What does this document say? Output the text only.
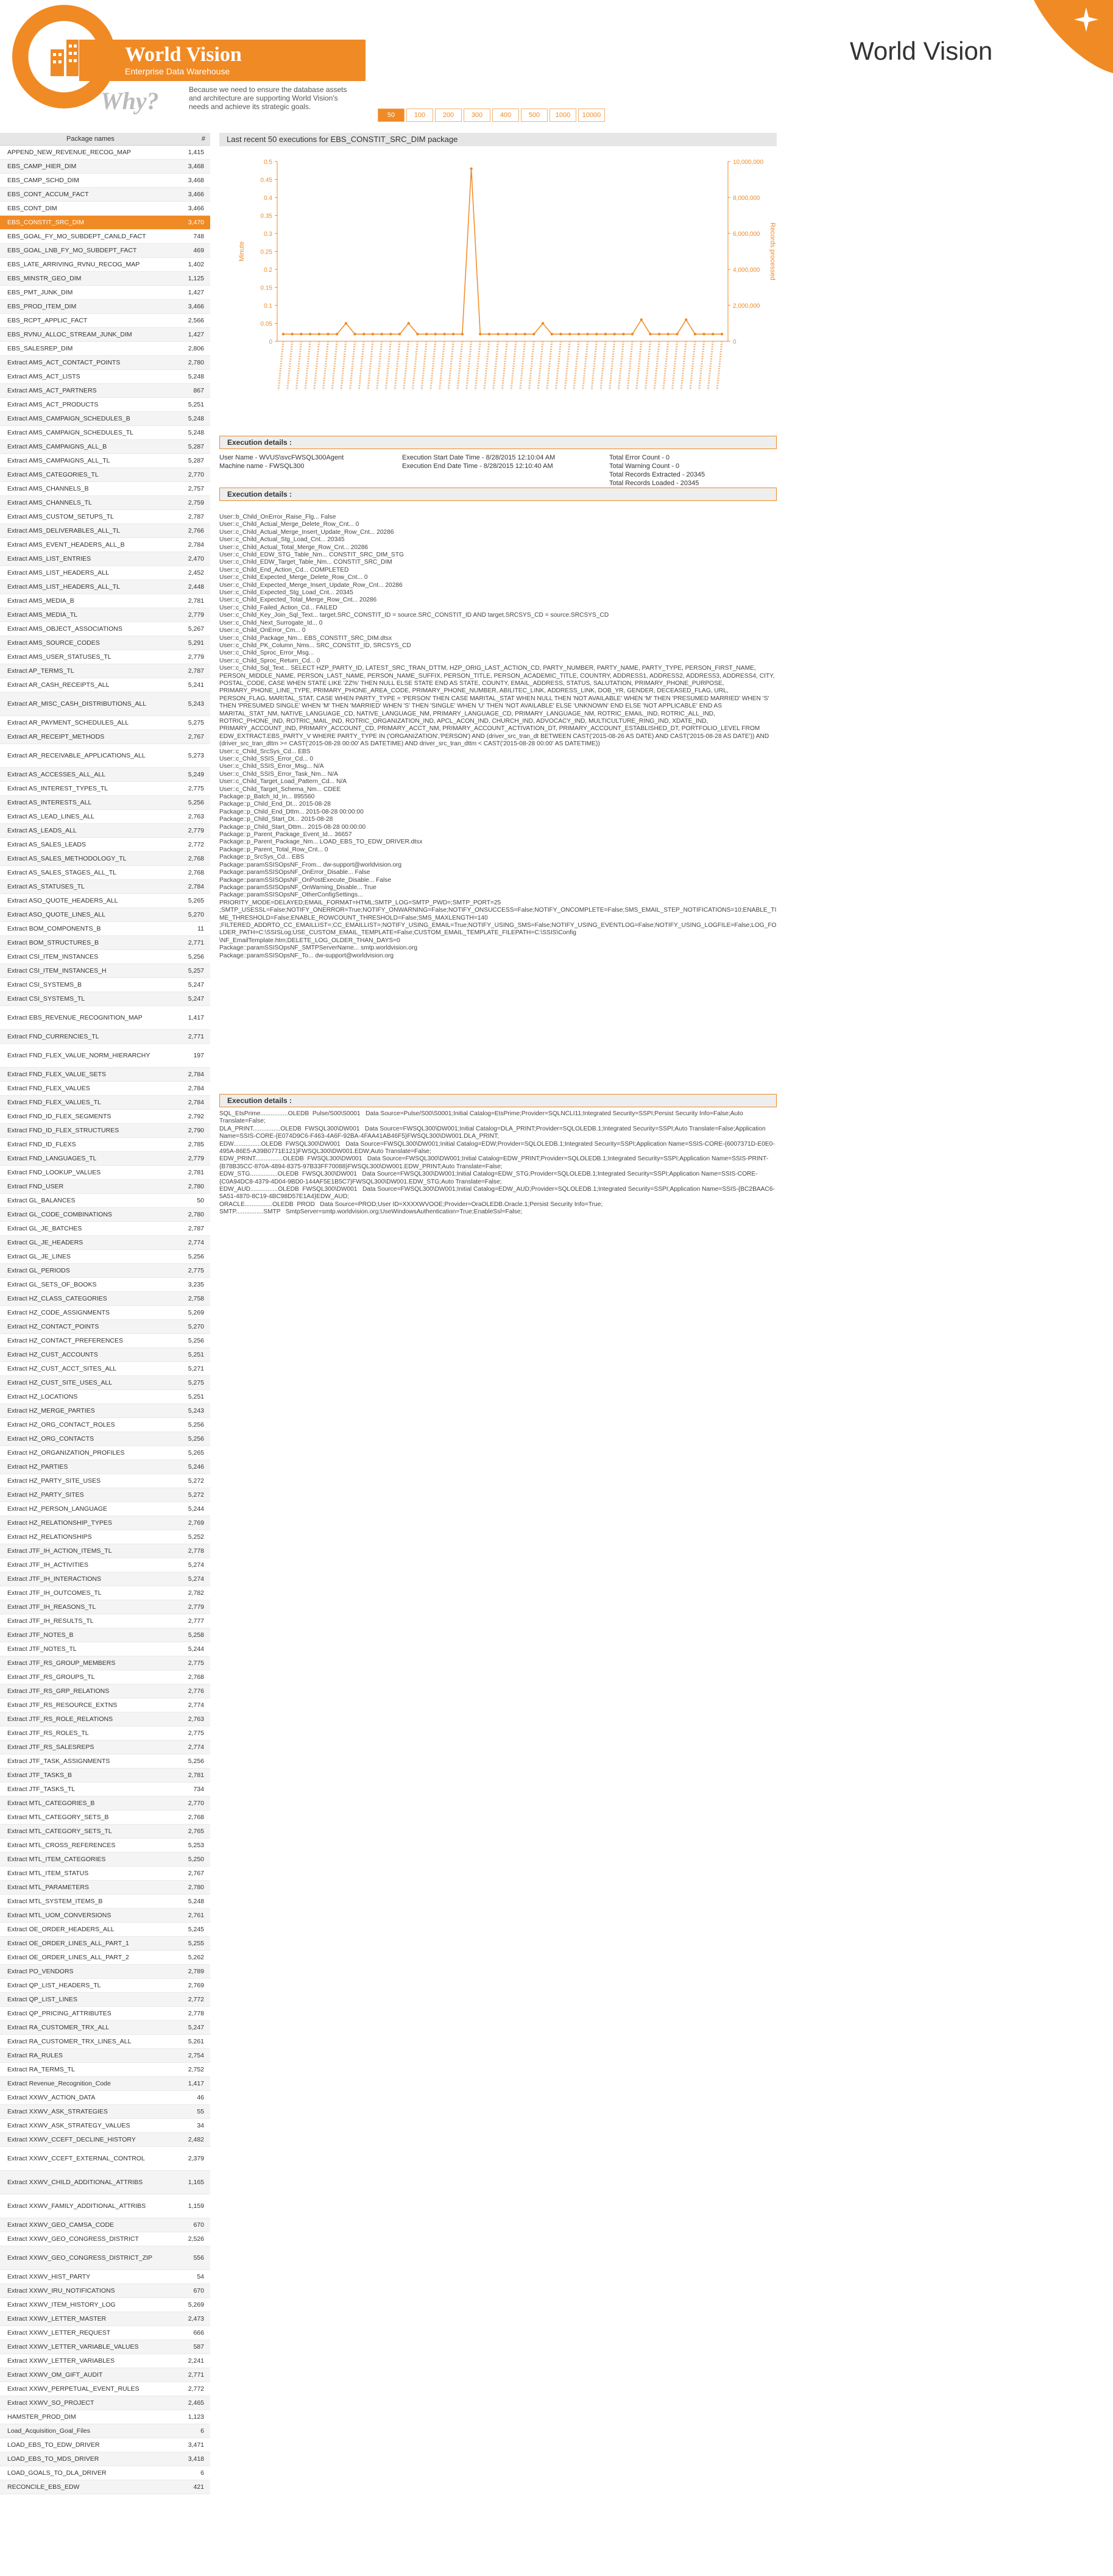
World Vision
Enterprise Data Warehouse
Why?	Because we need to ensure the database assets and architecture are supporting World Vision's needs and achieve its strategic goals.
World Vision
Package names	#
APPEND_NEW_REVENUE_RECOG_MAP	1,415
EBS_CAMP_HIER_DIM	3,468
EBS_CAMP_SCHD_DIM	3,468
EBS_CONT_ACCUM_FACT	3,466
EBS_CONT_DIM	3,466
EBS_CONSTIT_SRC_DIM	3,470
EBS_GOAL_FY_MO_SUBDEPT_CANLD_FACT	748
EBS_GOAL_LNB_FY_MO_SUBDEPT_FACT	469
EBS_LATE_ARRIVING_RVNU_RECOG_MAP	1,402
EBS_MINSTR_GEO_DIM	1,125
EBS_PMT_JUNK_DIM	1,427
EBS_PROD_ITEM_DIM	3,466
EBS_RCPT_APPLIC_FACT	2,566
EBS_RVNU_ALLOC_STREAM_JUNK_DIM	1,427
EBS_SALESREP_DIM	2,806
Extract AMS_ACT_CONTACT_POINTS	2,780
Extract AMS_ACT_LISTS	5,248
Extract AMS_ACT_PARTNERS	867
Extract AMS_ACT_PRODUCTS	5,251
Extract AMS_CAMPAIGN_SCHEDULES_B	5,248
Extract AMS_CAMPAIGN_SCHEDULES_TL	5,248
Extract AMS_CAMPAIGNS_ALL_B	5,287
Extract AMS_CAMPAIGNS_ALL_TL	5,287
Extract AMS_CATEGORIES_TL	2,770
Extract AMS_CHANNELS_B	2,757
Extract AMS_CHANNELS_TL	2,759
Extract AMS_CUSTOM_SETUPS_TL	2,787
Extract AMS_DELIVERABLES_ALL_TL	2,766
Extract AMS_EVENT_HEADERS_ALL_B	2,784
Extract AMS_LIST_ENTRIES	2,470
Extract AMS_LIST_HEADERS_ALL	2,452
Extract AMS_LIST_HEADERS_ALL_TL	2,448
Extract AMS_MEDIA_B	2,781
Extract AMS_MEDIA_TL	2,779
Extract AMS_OBJECT_ASSOCIATIONS	5,267
Extract AMS_SOURCE_CODES	5,291
Extract AMS_USER_STATUSES_TL	2,779
Extract AP_TERMS_TL	2,787
Extract AR_CASH_RECEIPTS_ALL	5,241
Extract AR_MISC_CASH_DISTRIBUTIONS_ALL	5,243
Extract AR_PAYMENT_SCHEDULES_ALL	5,275
Extract AR_RECEIPT_METHODS	2,767
Extract AR_RECEIVABLE_APPLICATIONS_ALL	5,273
Extract AS_ACCESSES_ALL_ALL	5,249
Extract AS_INTEREST_TYPES_TL	2,775
Extract AS_INTERESTS_ALL	5,256
Extract AS_LEAD_LINES_ALL	2,763
Extract AS_LEADS_ALL	2,779
Extract AS_SALES_LEADS	2,772
Extract AS_SALES_METHODOLOGY_TL	2,768
Extract AS_SALES_STAGES_ALL_TL	2,768
Extract AS_STATUSES_TL	2,784
Extract ASO_QUOTE_HEADERS_ALL	5,265
Extract ASO_QUOTE_LINES_ALL	5,270
Extract BOM_COMPONENTS_B	11
Extract BOM_STRUCTURES_B	2,771
Extract CSI_ITEM_INSTANCES	5,256
Extract CSI_ITEM_INSTANCES_H	5,257
Extract CSI_SYSTEMS_B	5,247
Extract CSI_SYSTEMS_TL	5,247
Extract EBS_REVENUE_RECOGNITION_MAP	1,417
Extract FND_CURRENCIES_TL	2,771
Extract FND_FLEX_VALUE_NORM_HIERARCHY	197
Extract FND_FLEX_VALUE_SETS	2,784
Extract FND_FLEX_VALUES	2,784
Extract FND_FLEX_VALUES_TL	2,784
Extract FND_ID_FLEX_SEGMENTS	2,792
Extract FND_ID_FLEX_STRUCTURES	2,790
Extract FND_ID_FLEXS	2,785
Extract FND_LANGUAGES_TL	2,779
Extract FND_LOOKUP_VALUES	2,781
Extract FND_USER	2,780
Extract GL_BALANCES	50
Extract GL_CODE_COMBINATIONS	2,780
Extract GL_JE_BATCHES	2,787
Extract GL_JE_HEADERS	2,774
Extract GL_JE_LINES	5,256
Extract GL_PERIODS	2,775
Extract GL_SETS_OF_BOOKS	3,235
Extract HZ_CLASS_CATEGORIES	2,758
Extract HZ_CODE_ASSIGNMENTS	5,269
Extract HZ_CONTACT_POINTS	5,270
Extract HZ_CONTACT_PREFERENCES	5,256
Extract HZ_CUST_ACCOUNTS	5,251
Extract HZ_CUST_ACCT_SITES_ALL	5,271
Extract HZ_CUST_SITE_USES_ALL	5,275
Extract HZ_LOCATIONS	5,251
Extract HZ_MERGE_PARTIES	5,243
Extract HZ_ORG_CONTACT_ROLES	5,256
Extract HZ_ORG_CONTACTS	5,256
Extract HZ_ORGANIZATION_PROFILES	5,265
Extract HZ_PARTIES	5,246
Extract HZ_PARTY_SITE_USES	5,272
Extract HZ_PARTY_SITES	5,272
Extract HZ_PERSON_LANGUAGE	5,244
Extract HZ_RELATIONSHIP_TYPES	2,769
Extract HZ_RELATIONSHIPS	5,252
Extract JTF_IH_ACTION_ITEMS_TL	2,778
Extract JTF_IH_ACTIVITIES	5,274
Extract JTF_IH_INTERACTIONS	5,274
Extract JTF_IH_OUTCOMES_TL	2,782
Extract JTF_IH_REASONS_TL	2,779
Extract JTF_IH_RESULTS_TL	2,777
Extract JTF_NOTES_B	5,258
Extract JTF_NOTES_TL	5,244
Extract JTF_RS_GROUP_MEMBERS	2,775
Extract JTF_RS_GROUPS_TL	2,768
Extract JTF_RS_GRP_RELATIONS	2,776
Extract JTF_RS_RESOURCE_EXTNS	2,774
Extract JTF_RS_ROLE_RELATIONS	2,763
Extract JTF_RS_ROLES_TL	2,775
Extract JTF_RS_SALESREPS	2,774
Extract JTF_TASK_ASSIGNMENTS	5,256
Extract JTF_TASKS_B	2,781
Extract JTF_TASKS_TL	734
Extract MTL_CATEGORIES_B	2,770
Extract MTL_CATEGORY_SETS_B	2,768
Extract MTL_CATEGORY_SETS_TL	2,765
Extract MTL_CROSS_REFERENCES	5,253
Extract MTL_ITEM_CATEGORIES	5,250
Extract MTL_ITEM_STATUS	2,767
Extract MTL_PARAMETERS	2,780
Extract MTL_SYSTEM_ITEMS_B	5,248
Extract MTL_UOM_CONVERSIONS	2,761
Extract OE_ORDER_HEADERS_ALL	5,245
Extract OE_ORDER_LINES_ALL_PART_1	5,255
Extract OE_ORDER_LINES_ALL_PART_2	5,262
Extract PO_VENDORS	2,789
Extract QP_LIST_HEADERS_TL	2,769
Extract QP_LIST_LINES	2,772
Extract QP_PRICING_ATTRIBUTES	2,778
Extract RA_CUSTOMER_TRX_ALL	5,247
Extract RA_CUSTOMER_TRX_LINES_ALL	5,261
Extract RA_RULES	2,754
Extract RA_TERMS_TL	2,752
Extract Revenue_Recognition_Code	1,417
Extract XXWV_ACTION_DATA	46
Extract XXWV_ASK_STRATEGIES	55
Extract XXWV_ASK_STRATEGY_VALUES	34
Extract XXWV_CCEFT_DECLINE_HISTORY	2,482
Extract XXWV_CCEFT_EXTERNAL_CONTROL	2,379
Extract XXWV_CHILD_ADDITIONAL_ATTRIBS	1,165
Extract XXWV_FAMILY_ADDITIONAL_ATTRIBS	1,159
Extract XXWV_GEO_CAMSA_CODE	670
Extract XXWV_GEO_CONGRESS_DISTRICT	2,526
Extract XXWV_GEO_CONGRESS_DISTRICT_ZIP	556
Extract XXWV_HIST_PARTY	54
Extract XXWV_IRU_NOTIFICATIONS	670
Extract XXWV_ITEM_HISTORY_LOG	5,269
Extract XXWV_LETTER_MASTER	2,473
Extract XXWV_LETTER_REQUEST	666
Extract XXWV_LETTER_VARIABLE_VALUES	587
Extract XXWV_LETTER_VARIABLES	2,241
Extract XXWV_OM_GIFT_AUDIT	2,771
Extract XXWV_PERPETUAL_EVENT_RULES	2,772
Extract XXWV_SO_PROJECT	2,465
HAMSTER_PROD_DIM	1,123
Load_Acquisition_Goal_Files	6
LOAD_EBS_TO_EDW_DRIVER	3,471
LOAD_EBS_TO_MDS_DRIVER	3,418
LOAD_GOALS_TO_DLA_DRIVER	6
RECONCILE_EBS_EDW	421
50	100	200	300	400	500	1000	10000
Last recent 50 executions for EBS_CONSTIT_SRC_DIM package
0
0.05
0.1
0.15
0.2
0.25
0.3
0.35
0.4
0.45
0.5
0
2,000,000
4,000,000
6,000,000
8,000,000
10,000,000
Minute	Records processed
Execution details :
User Name - WVUS\svcFWSQL300Agent
Machine name - FWSQL300
Execution Start Date Time - 8/28/2015 12:10:04 AM
Execution End Date Time - 8/28/2015 12:10:40 AM
Total Error Count - 0
Total Warning Count - 0
Total Records Extracted - 20345
Total Records Loaded - 20345
Execution details :
User::b_Child_OnError_Raise_Flg... False
User::c_Child_Actual_Merge_Delete_Row_Cnt... 0
User::c_Child_Actual_Merge_Insert_Update_Row_Cnt... 20286
User::c_Child_Actual_Stg_Load_Cnt... 20345
User::c_Child_Actual_Total_Merge_Row_Cnt... 20286
User::c_Child_EDW_STG_Table_Nm... CONSTIT_SRC_DIM_STG
User::c_Child_EDW_Target_Table_Nm... CONSTIT_SRC_DIM
User::c_Child_End_Action_Cd... COMPLETED
User::c_Child_Expected_Merge_Delete_Row_Cnt... 0
User::c_Child_Expected_Merge_Insert_Update_Row_Cnt... 20286
User::c_Child_Expected_Stg_Load_Cnt... 20345
User::c_Child_Expected_Total_Merge_Row_Cnt... 20286
User::c_Child_Failed_Action_Cd... FAILED
User::c_Child_Key_Join_Sql_Text... target.SRC_CONSTIT_ID = source.SRC_CONSTIT_ID AND target.SRCSYS_CD = source.SRCSYS_CD
User::c_Child_Next_Surrogate_Id... 0
User::c_Child_OnError_Cm... 0
User::c_Child_Package_Nm... EBS_CONSTIT_SRC_DIM.dtsx
User::c_Child_PK_Column_Nms... SRC_CONSTIT_ID, SRCSYS_CD
User::c_Child_Sproc_Error_Msg...
User::c_Child_Sproc_Return_Cd... 0
User::c_Child_Sql_Text... SELECT HZP_PARTY_ID, LATEST_SRC_TRAN_DTTM, HZP_ORIG_LAST_ACTION_CD, PARTY_NUMBER, PARTY_NAME, PARTY_TYPE, PERSON_FIRST_NAME, PERSON_MIDDLE_NAME, PERSON_LAST_NAME, PERSON_NAME_SUFFIX, PERSON_TITLE, PERSON_ACADEMIC_TITLE, COUNTRY, ADDRESS1, ADDRESS2, ADDRESS3, ADDRESS4, CITY, POSTAL_CODE, CASE WHEN STATE LIKE 'ZZ%' THEN NULL ELSE STATE END AS STATE, COUNTY, EMAIL_ADDRESS, STATUS, SALUTATION, PRIMARY_PHONE_PURPOSE, PRIMARY_PHONE_LINE_TYPE, PRIMARY_PHONE_AREA_CODE, PRIMARY_PHONE_NUMBER, ABILITEC_LINK, ADDRESS_LINK, DOB_YR, GENDER, DECEASED_FLAG, URL, PERSON_FLAG, MARITAL_STAT, CASE WHEN PARTY_TYPE = 'PERSON' THEN CASE MARITAL_STAT WHEN NULL THEN 'NOT AVAILABLE' WHEN 'M' THEN 'PRESUMED MARRIED' WHEN 'S' THEN 'PRESUMED SINGLE' WHEN 'M' THEN 'MARRIED' WHEN 'S' THEN 'SINGLE' WHEN 'U' THEN 'NOT AVAILABLE' ELSE 'UNKNOWN' END ELSE 'NOT APPLICABLE' END AS MARITAL_STAT_NM, NATIVE_LANGUAGE_CD, NATIVE_LANGUAGE_NM, PRIMARY_LANGUAGE_CD, PRIMARY_LANGUAGE_NM, ROTRIC_EMAIL_IND, ROTRIC_ALL_IND, ROTRIC_PHONE_IND, ROTRIC_MAIL_IND, ROTRIC_ORGANIZATION_IND, APCL_ACON_IND, CHURCH_IND, ADVOCACY_IND, MULTICULTURE_RING_IND, XDATE_IND, PRIMARY_ACCOUNT_IND, PRIMARY_ACCOUNT_CD, PRIMARY_ACCT_NM, PRIMARY_ACCOUNT_ACTIVATION_DT, PRIMARY_ACCOUNT_ESTABLISHED_DT, PORTFOLIO_LEVEL FROM EDW_EXTRACT.EBS_PARTY_V WHERE PARTY_TYPE IN ('ORGANIZATION','PERSON') AND (driver_src_tran_dt BETWEEN CAST('2015-08-26 AS DATE) AND CAST('2015-08-28 AS DATE')) AND (driver_src_tran_dttm >= CAST('2015-08-28 00:00' AS DATETIME) AND driver_src_tran_dttm < CAST('2015-08-28 00:00' AS DATETIME))
User::c_Child_SrcSys_Cd... EBS
User::c_Child_SSIS_Error_Cd... 0
User::c_Child_SSIS_Error_Msg... N/A
User::c_Child_SSIS_Error_Task_Nm... N/A
User::c_Child_Target_Load_Pattern_Cd... N/A
User::c_Child_Target_Schema_Nm... CDEE
Package::p_Batch_Id_In... 895560
Package::p_Child_End_Dt... 2015-08-28
Package::p_Child_End_Dttm... 2015-08-28 00:00:00
Package::p_Child_Start_Dt... 2015-08-28
Package::p_Child_Start_Dttm... 2015-08-28 00:00:00
Package::p_Parent_Package_Event_Id... 36657
Package::p_Parent_Package_Nm... LOAD_EBS_TO_EDW_DRIVER.dtsx
Package::p_Parent_Total_Row_Cnt... 0
Package::p_SrcSys_Cd... EBS
Package::paramSSISOpsNF_From... dw-support@worldvision.org
Package::paramSSISOpsNF_OnError_Disable... False
Package::paramSSISOpsNF_OnPostExecute_Disable... False
Package::paramSSISOpsNF_OnWarning_Disable... True
Package::paramSSISOpsNF_OtherConfigSettings...
PRIORITY_MODE=DELAYED;EMAIL_FORMAT=HTML;SMTP_LOG=SMTP_PWD=;SMTP_PORT=25
;SMTP_USESSL=False;NOTIFY_ONERROR=True;NOTIFY_ONWARNING=False;NOTIFY_ONSUCCESS=False;NOTIFY_ONCOMPLETE=False;SMS_EMAIL_STEP_NOTIFICATIONS=10;ENABLE_TIME_THRESHOLD=False;ENABLE_ROWCOUNT_THRESHOLD=False;SMS_MAXLENGTH=140
;FILTERED_ADDRTO_CC_EMAILLIST=;CC_EMAILLIST=;NOTIFY_USING_EMAIL=True;NOTIFY_USING_SMS=False;NOTIFY_USING_EVENTLOG=False;NOTIFY_USING_LOGFILE=False;LOG_FOLDER_PATH=C:\SSISLog;USE_CUSTOM_EMAIL_TEMPLATE=False;CUSTOM_EMAIL_TEMPLATE_FILEPATH=C:\SSIS\Config
\NF_EmailTemplate.htm;DELETE_LOG_OLDER_THAN_DAYS=0
Package::paramSSISOpsNF_SMTPServerName... smtp.worldvision.org
Package::paramSSISOpsNF_To... dw-support@worldvision.org
Execution details :
SQL_EtsPrime................OLEDB  Pulse/S00\S0001   Data Source=Pulse/S00\S0001;Initial Catalog=EtsPrime;Provider=SQLNCLI11;Integrated Security=SSPI;Persist Security Info=False;Auto Translate=False;
DLA_PRINT................OLEDB  FWSQL300\DW001   Data Source=FWSQL300\DW001;Initial Catalog=DLA_PRINT;Provider=SQLOLEDB.1;Integrated Security=SSPI;Auto Translate=False;Application Name=SSIS-CORE-{E074D9C6-F463-4A6F-92BA-4FAA41AB46F5}FWSQL300\DW001.DLA_PRINT;
EDW................OLEDB  FWSQL300\DW001   Data Source=FWSQL300\DW001;Initial Catalog=EDW;Provider=SQLOLEDB.1;Integrated Security=SSPI;Application Name=SSIS-CORE-{6007371D-E0E0-495A-86E5-A39B0771E121}FWSQL300\DW001.EDW;Auto Translate=False;
EDW_PRINT................OLEDB  FWSQL300\DW001   Data Source=FWSQL300\DW001;Initial Catalog=EDW_PRINT;Provider=SQLOLEDB.1;Integrated Security=SSPI;Application Name=SSIS-PRINT-{B78B35CC-870A-4894-8375-97B33FF70088}FWSQL300\DW001.EDW_PRINT;Auto Translate=False;
EDW_STG................OLEDB  FWSQL300\DW001   Data Source=FWSQL300\DW001;Initial Catalog=EDW_STG;Provider=SQLOLEDB.1;Integrated Security=SSPI;Application Name=SSIS-CORE-{C0A94DC8-4379-4D04-9BD0-144AF5E1B5C7}FWSQL300\DW001.EDW_STG;Auto Translate=False;
EDW_AUD................OLEDB  FWSQL300\DW001   Data Source=FWSQL300\DW001;Initial Catalog=EDW_AUD;Provider=SQLOLEDB.1;Integrated Security=SSPI;Application Name=SSIS-{BC2BAAC6-5A51-4870-8C19-4BC98D57E1A4}EDW_AUD;
ORACLE................OLEDB  PROD   Data Source=PROD;User ID=XXXXWVOOE;Provider=OraOLEDB.Oracle.1;Persist Security Info=True;
SMTP................SMTP   SmtpServer=smtp.worldvision.org;UseWindowsAuthentication=True;EnableSsl=False;
